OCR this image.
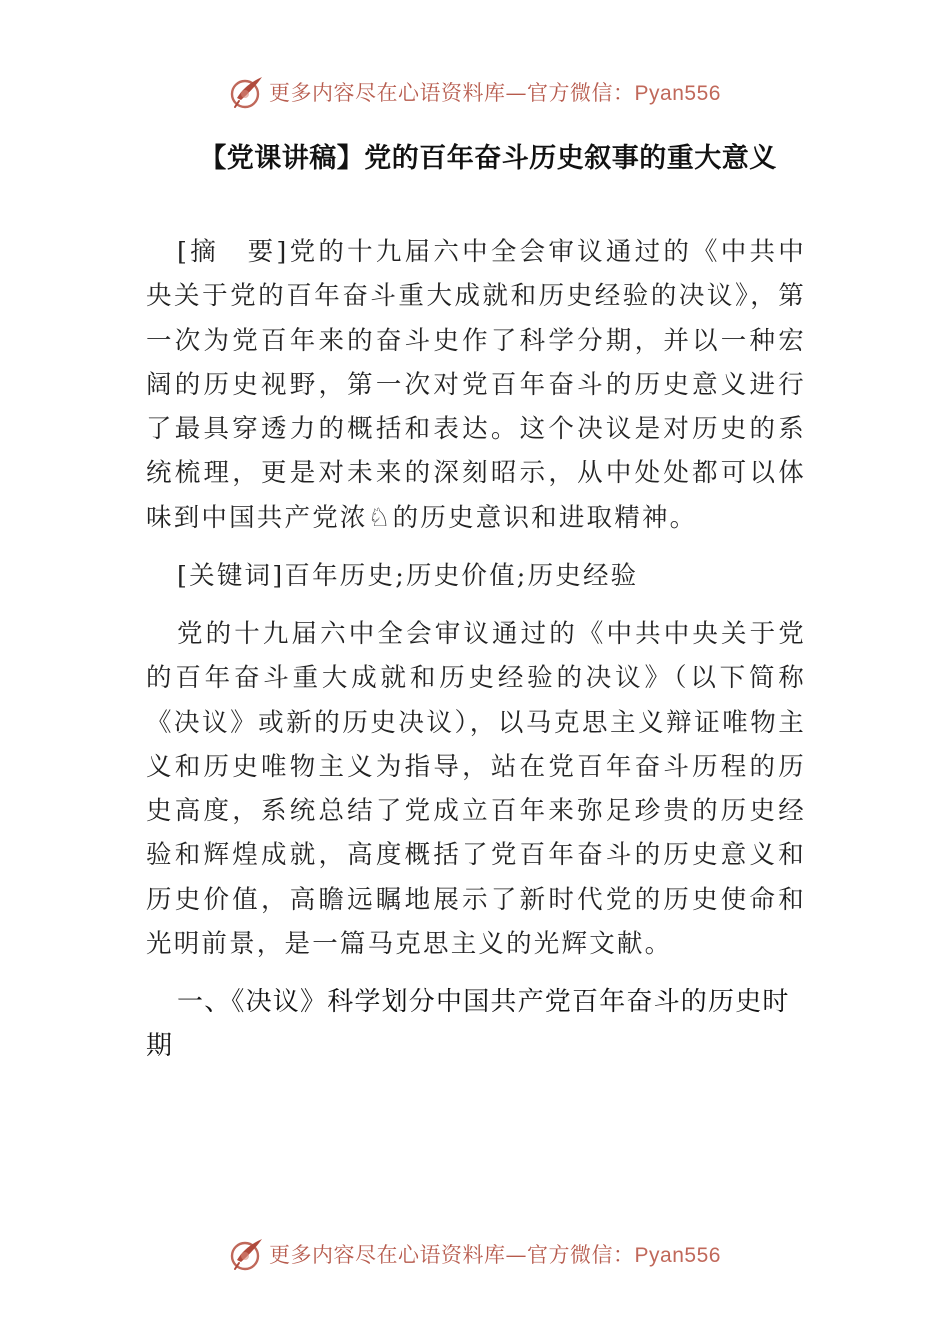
更多内容尽在心语资料库—官方微信：Pyan556
【党课讲稿】党的百年奋斗历史叙事的重大意义

[摘　要]党的十九届六中全会审议通过的《中共中央关于党的百年奋斗重大成就和历史经验的决议》，第一次为党百年来的奋斗史作了科学分期，并以一种宏阔的历史视野，第一次对党百年奋斗的历史意义进行了最具穿透力的概括和表达。这个决议是对历史的系统梳理，更是对未来的深刻昭示，从中处处都可以体味到中国共产党浓♘的历史意识和进取精神。

[关键词]百年历史;历史价值;历史经验

党的十九届六中全会审议通过的《中共中央关于党的百年奋斗重大成就和历史经验的决议》（以下简称《决议》或新的历史决议），以马克思主义辩证唯物主义和历史唯物主义为指导，站在党百年奋斗历程的历史高度，系统总结了党成立百年来弥足珍贵的历史经验和辉煌成就，高度概括了党百年奋斗的历史意义和历史价值，高瞻远瞩地展示了新时代党的历史使命和光明前景，是一篇马克思主义的光辉文献。

一、《决议》科学划分中国共产党百年奋斗的历史时期

更多内容尽在心语资料库—官方微信：Pyan556
